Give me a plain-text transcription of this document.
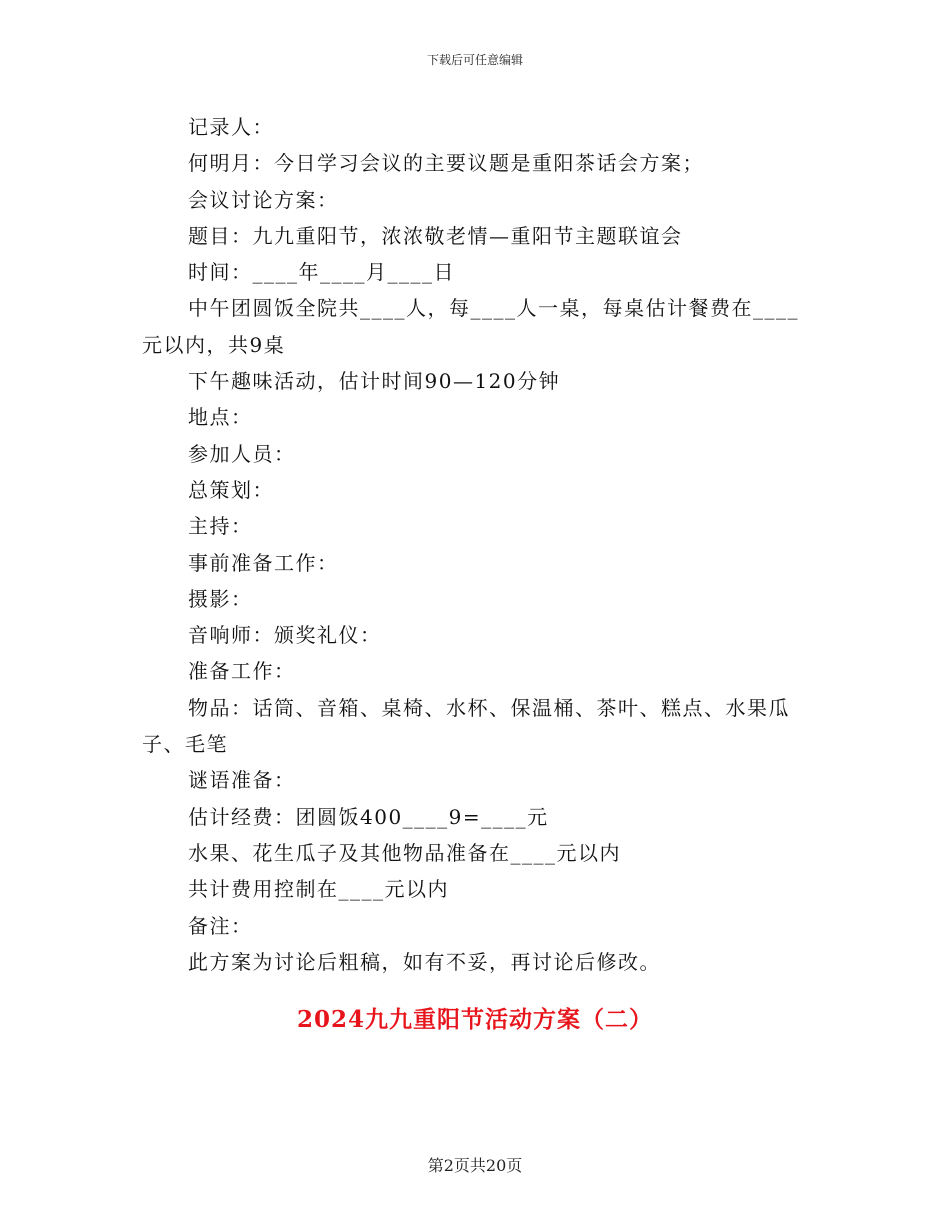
下载后可任意编辑

记录人：

何明月：今日学习会议的主要议题是重阳茶话会方案；

会议讨论方案：

题目：九九重阳节，浓浓敬老情—重阳节主题联谊会

时间：____年____月____日

中午团圆饭全院共____人，每____人一桌，每桌估计餐费在____元以内，共9桌

下午趣味活动，估计时间90—120分钟

地点：

参加人员：

总策划：

主持：

事前准备工作：

摄影：

音响师：颁奖礼仪：

准备工作：

物品：话筒、音箱、桌椅、水杯、保温桶、茶叶、糕点、水果瓜子、毛笔

谜语准备：

估计经费：团圆饭400____9=____元

水果、花生瓜子及其他物品准备在____元以内

共计费用控制在____元以内

备注：

此方案为讨论后粗稿，如有不妥，再讨论后修改。

2024九九重阳节活动方案（二）
第2页共20页
